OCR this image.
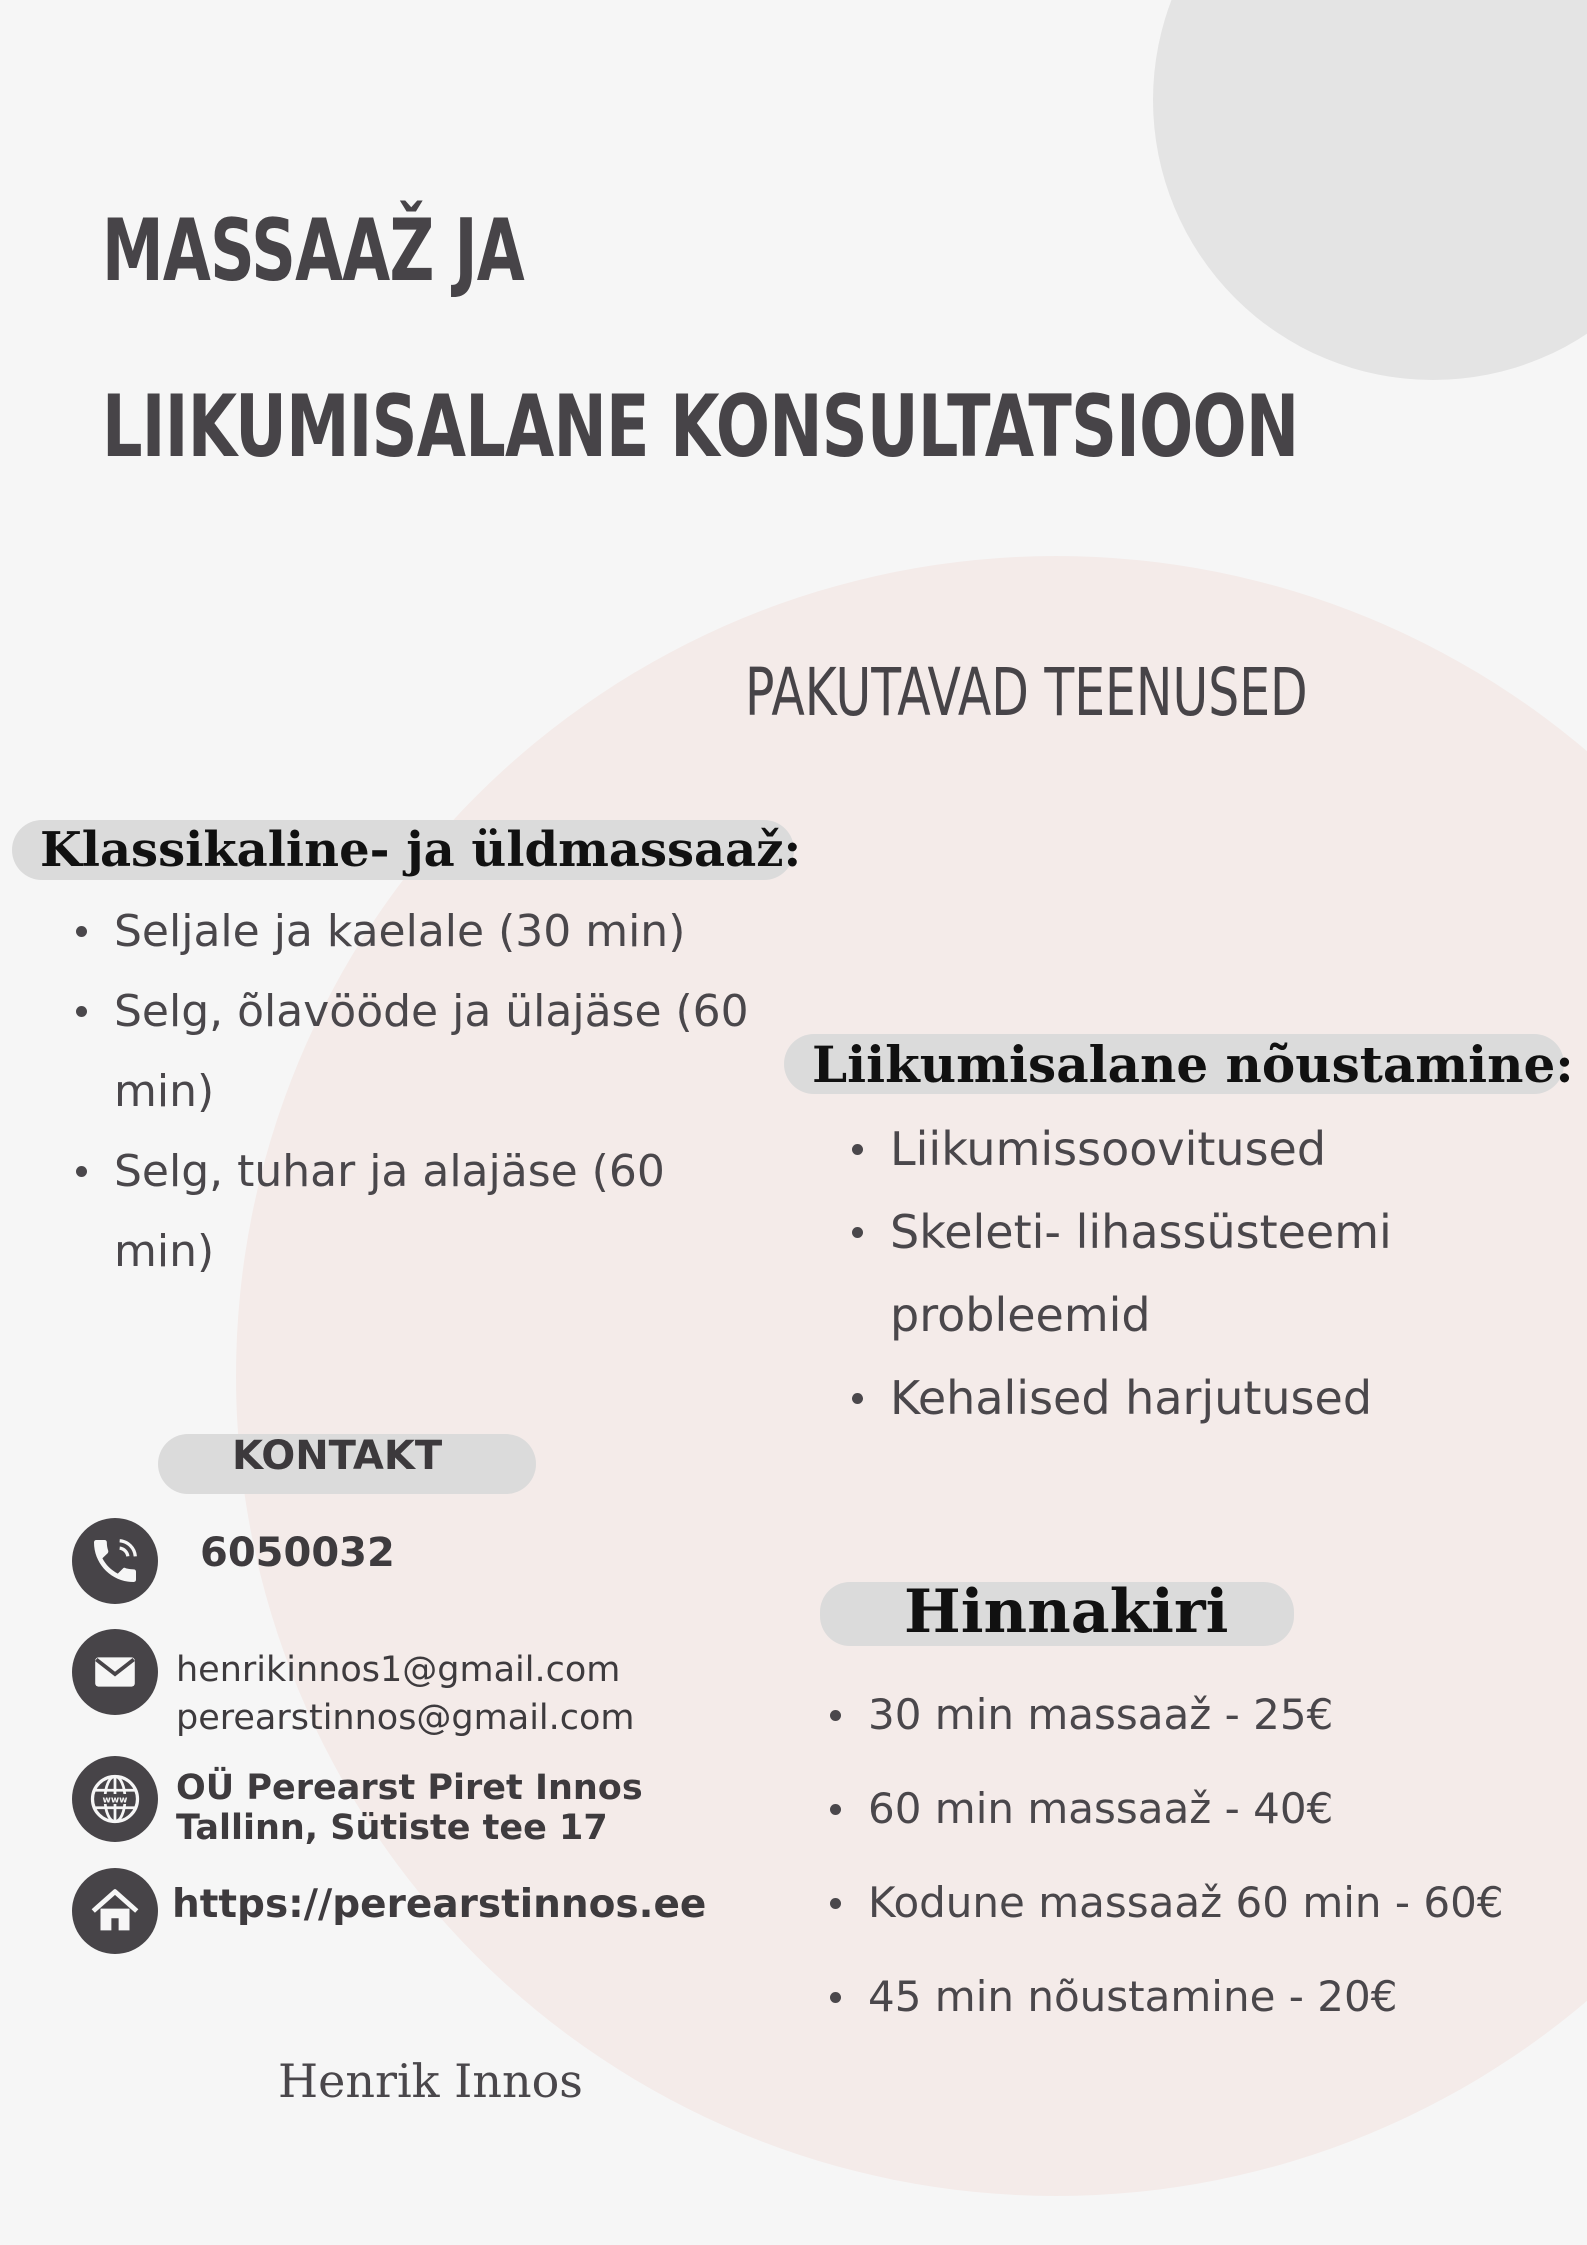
MASSAAŽ JA
LIIKUMISALANE KONSULTATSIOON
PAKUTAVAD TEENUSED
Klassikaline- ja üldmassaaž:
Seljale ja kaelale (30 min)
Selg, õlavööde ja ülajäse (60 min)
Selg, tuhar ja alajäse (60 min)
Liikumisalane nõustamine:
Liikumissoovitused
Skeleti- lihassüsteemi probleemid
Kehalised harjutused

KONTAKT

6050032

henrikinnos1@gmail.com

perearstinnos@gmail.com

www OÜ Perearst Piret Innos

Tallinn, Sütiste tee 17

https://perearstinnos.ee

Hinnakiri
30 min massaaž - 25€
60 min massaaž - 40€
Kodune massaaž 60 min - 60€
45 min nõustamine - 20€

Henrik Innos
